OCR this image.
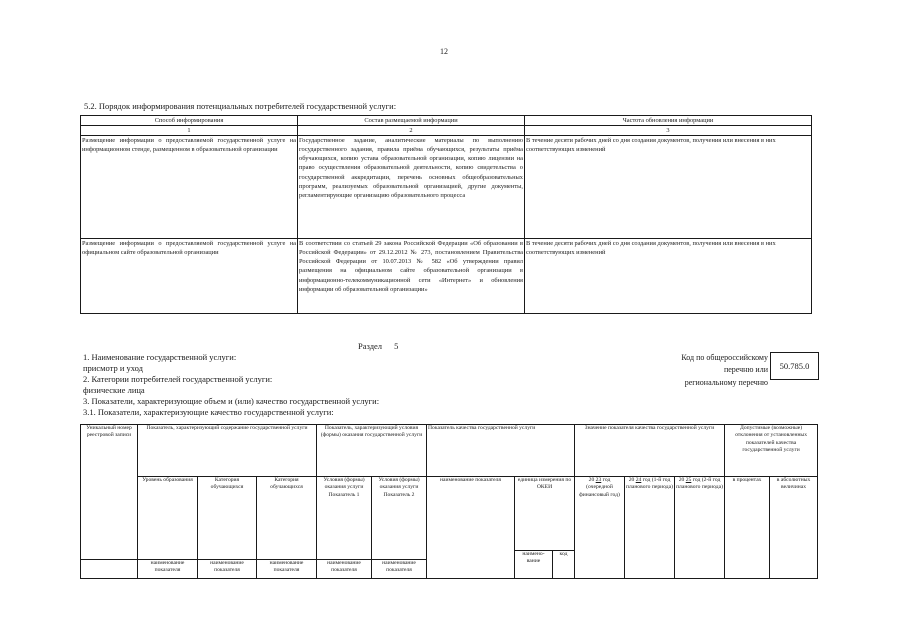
12
5.2. Порядок информирования потенциальных потребителей государственной услуги:
Способ информирования	Состав размещаемой информации	Частота обновления информации
1	2	3
Размещение информации о предоставляемой государственной услуге на информационном стенде, размещенном в образовательной организации	Государственное задание, аналитические материалы по выполнению государственного задания, правила приёма обучающихся, результаты приёма обучающихся, копию устава образовательной организации, копию лицензии на право осуществления образовательной деятельности, копию свидетельства о государственной аккредитации, перечень основных общеобразовательных программ, реализуемых образовательной организацией, другие документы, регламентирующие организацию образовательного процесса	В течение десяти рабочих дней со дня создания документов, получения или внесения в них соответствующих изменений
Размещение информации о предоставляемой государственной услуге на официальном сайте образовательной организации	В соответствии со статьей 29 закона Российской Федерации «Об образовании в Российской Федерации» от 29.12.2012 № 273, постановлением Правительства Российской Федерации от 10.07.2013 № 582 «Об утверждении правил размещения на официальном сайте образовательной организации в информационно-телекоммуникационной сети «Интернет» и обновления информации об образовательной организации»	В течение десяти рабочих дней со дня создания документов, получения или внесения в них соответствующих изменений
Раздел 5
1. Наименование государственной услуги:
присмотр и уход
2. Категории потребителей государственной услуги:
физические лица
3. Показатели, характеризующие объем и (или) качество государственной услуги:
3.1. Показатели, характеризующие качество государственной услуги:
Код по общероссийскому
перечню или
региональному перечню
50.785.0
Уникальный номер реестровой записи	Показатель, характеризующий содержание государственной услуги			Показатель, характеризующий условия (формы) оказания государственной услуги		Показатель качества государственной услуги			Значение показателя качества государственной услуги			Допустимые (возможные) отклонения от установленных показателей качества государственной услуги	
	Уровень образования	Категория обучающихся	Категория обучающихся	Условия (формы) оказания услуги Показатель 1	Условия (формы) оказания услуги Показатель 2	наименование показателя	единица измерения по ОКЕИ		20 23 год (очередной финансовый год)	20 24 год (1-й год планового периода)	20 25 год (2-й год планового периода)	в процентах	в абсолютных величинах
							наимено-вание	код					
	наименование показателя	наименование показателя	наименование показателя	наименование показателя	наименование показателя								
